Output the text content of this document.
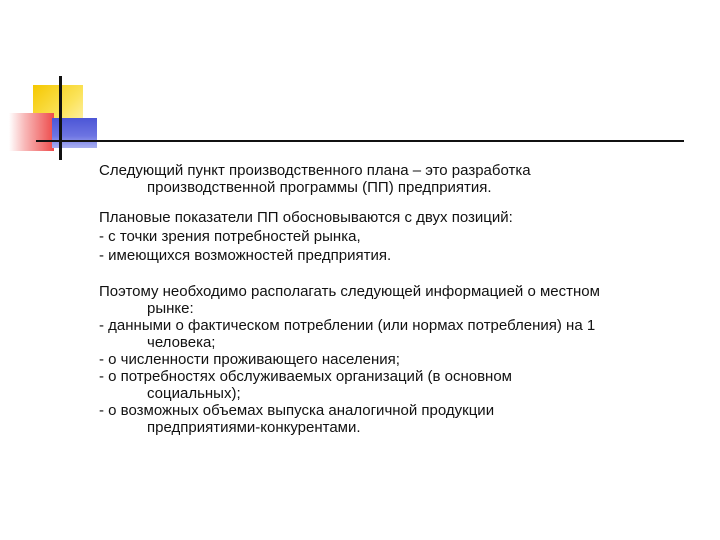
Следующий пункт производственного плана – это разработка
производственной программы (ПП) предприятия.
Плановые показатели ПП обосновываются с двух позиций:
- с точки зрения потребностей рынка,
- имеющихся возможностей предприятия.
Поэтому необходимо располагать следующей информацией о местном
рынке:
- данными о фактическом потреблении (или нормах потребления) на 1
человека;
- о численности проживающего населения;
- о потребностях обслуживаемых организаций (в основном
социальных);
- о возможных объемах выпуска аналогичной продукции
предприятиями-конкурентами.
